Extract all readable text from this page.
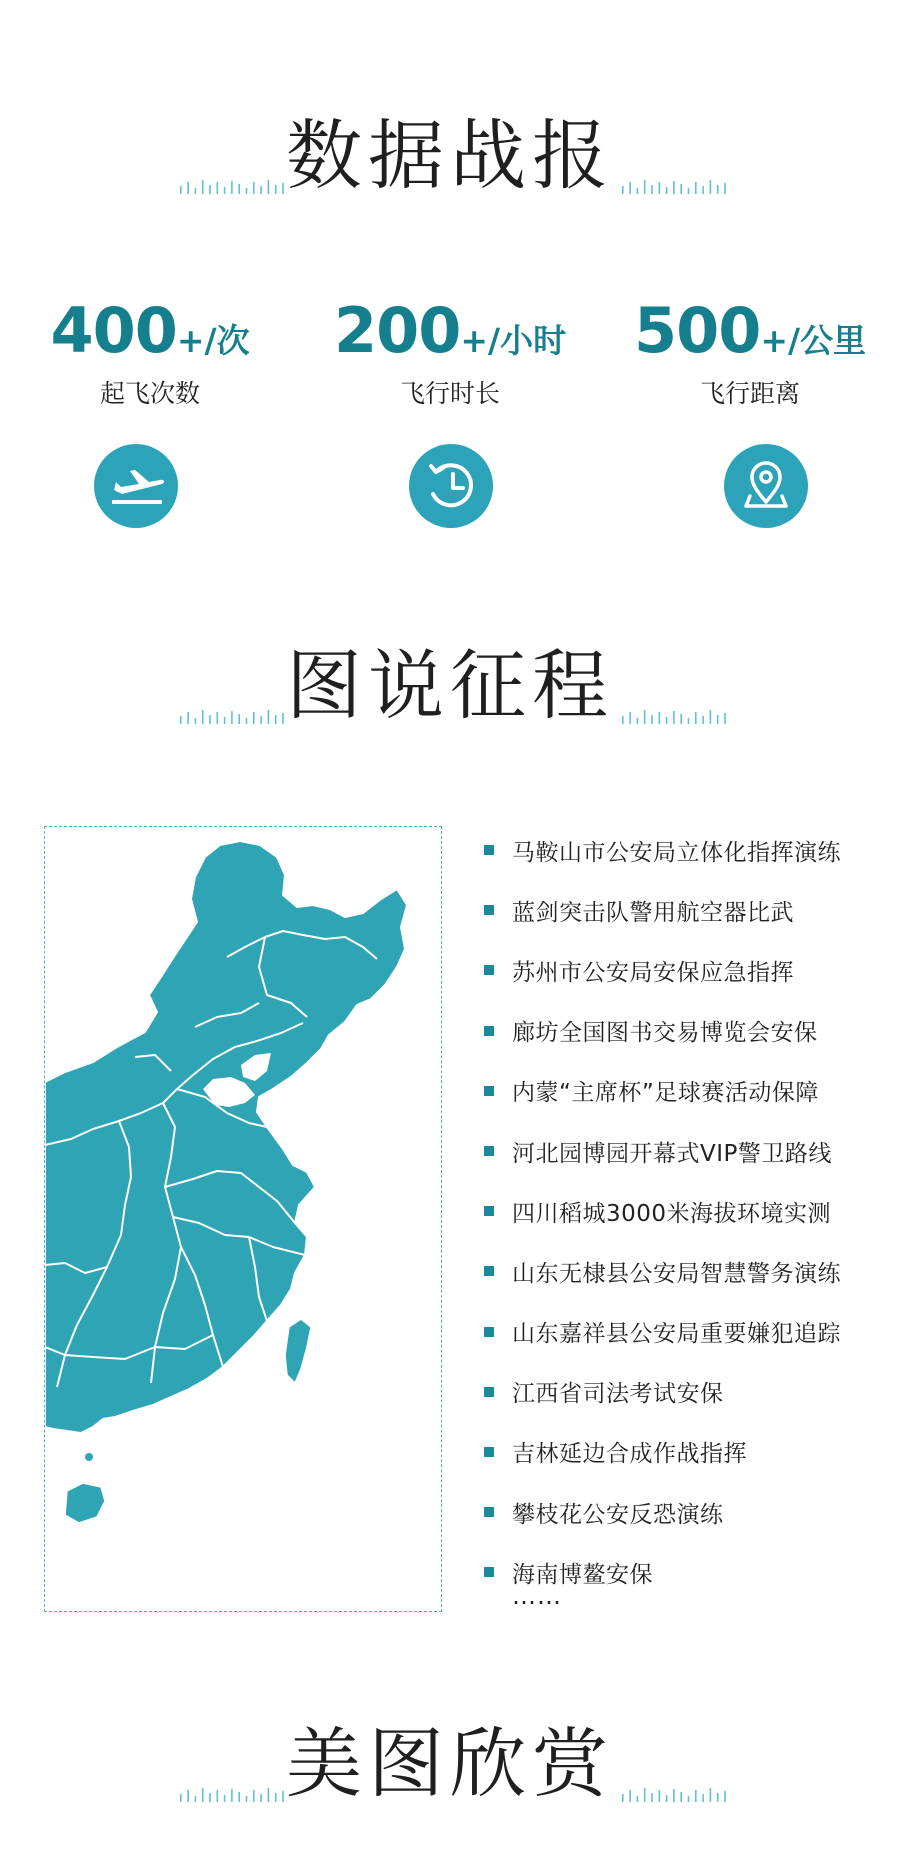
数据战报
400+/次
起飞次数
200+/小时
飞行时长
500+/公里
飞行距离
图说征程
马鞍山市公安局立体化指挥演练
蓝剑突击队警用航空器比武
苏州市公安局安保应急指挥
廊坊全国图书交易博览会安保
内蒙“主席杯”足球赛活动保障
河北园博园开幕式VIP警卫路线
四川稻城3000米海拔环境实测
山东无棣县公安局智慧警务演练
山东嘉祥县公安局重要嫌犯追踪
江西省司法考试安保
吉林延边合成作战指挥
攀枝花公安反恐演练
海南博鳌安保
……
美图欣赏
